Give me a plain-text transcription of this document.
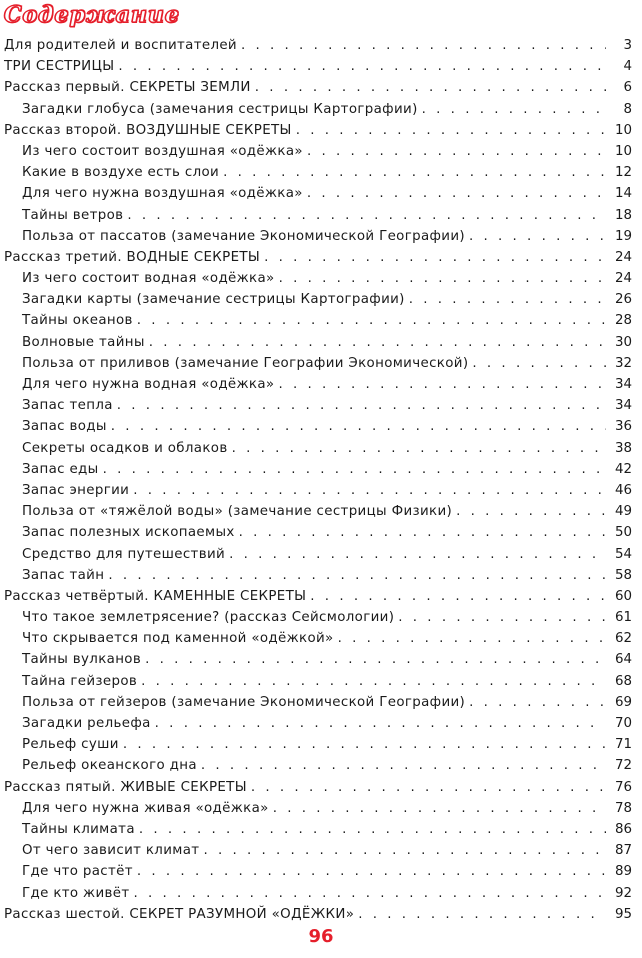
Содержание
Для родителей и воспитателей . . .	3
ТРИ СЕСТРИЦЫ . . .	4
Рассказ первый. СЕКРЕТЫ ЗЕМЛИ . . .	6
Загадки глобуса (замечания сестрицы Картографии) . . .	8
Рассказ второй. ВОЗДУШНЫЕ СЕКРЕТЫ . . .	10
Из чего состоит воздушная «одёжка» . . .	10
Какие в воздухе есть слои . . .	12
Для чего нужна воздушная «одёжка» . . .	14
Тайны ветров . . .	18
Польза от пассатов (замечание Экономической Географии) . . .	19
Рассказ третий. ВОДНЫЕ СЕКРЕТЫ . . .	24
Из чего состоит водная «одёжка» . . .	24
Загадки карты (замечание сестрицы Картографии) . . .	26
Тайны океанов . . .	28
Волновые тайны . . .	30
Польза от приливов (замечание Географии Экономической) . . .	32
Для чего нужна водная «одёжка» . . .	34
Запас тепла . . .	34
Запас воды . . .	36
Секреты осадков и облаков . . .	38
Запас еды . . .	42
Запас энергии . . .	46
Польза от «тяжёлой воды» (замечание сестрицы Физики) . . .	49
Запас полезных ископаемых . . .	50
Средство для путешествий . . .	54
Запас тайн . . .	58
Рассказ четвёртый. КАМЕННЫЕ СЕКРЕТЫ . . .	60
Что такое землетрясение? (рассказ Сейсмологии) . . .	61
Что скрывается под каменной «одёжкой» . . .	62
Тайны вулканов . . .	64
Тайна гейзеров . . .	68
Польза от гейзеров (замечание Экономической Географии) . . .	69
Загадки рельефа . . .	70
Рельеф суши . . .	71
Рельеф океанского дна . . .	72
Рассказ пятый. ЖИВЫЕ СЕКРЕТЫ . . .	76
Для чего нужна живая «одёжка» . . .	78
Тайны климата . . .	86
От чего зависит климат . . .	87
Где что растёт . . .	89
Где кто живёт . . .	92
Рассказ шестой. СЕКРЕТ РАЗУМНОЙ «ОДЁЖКИ» . . .	95
96
